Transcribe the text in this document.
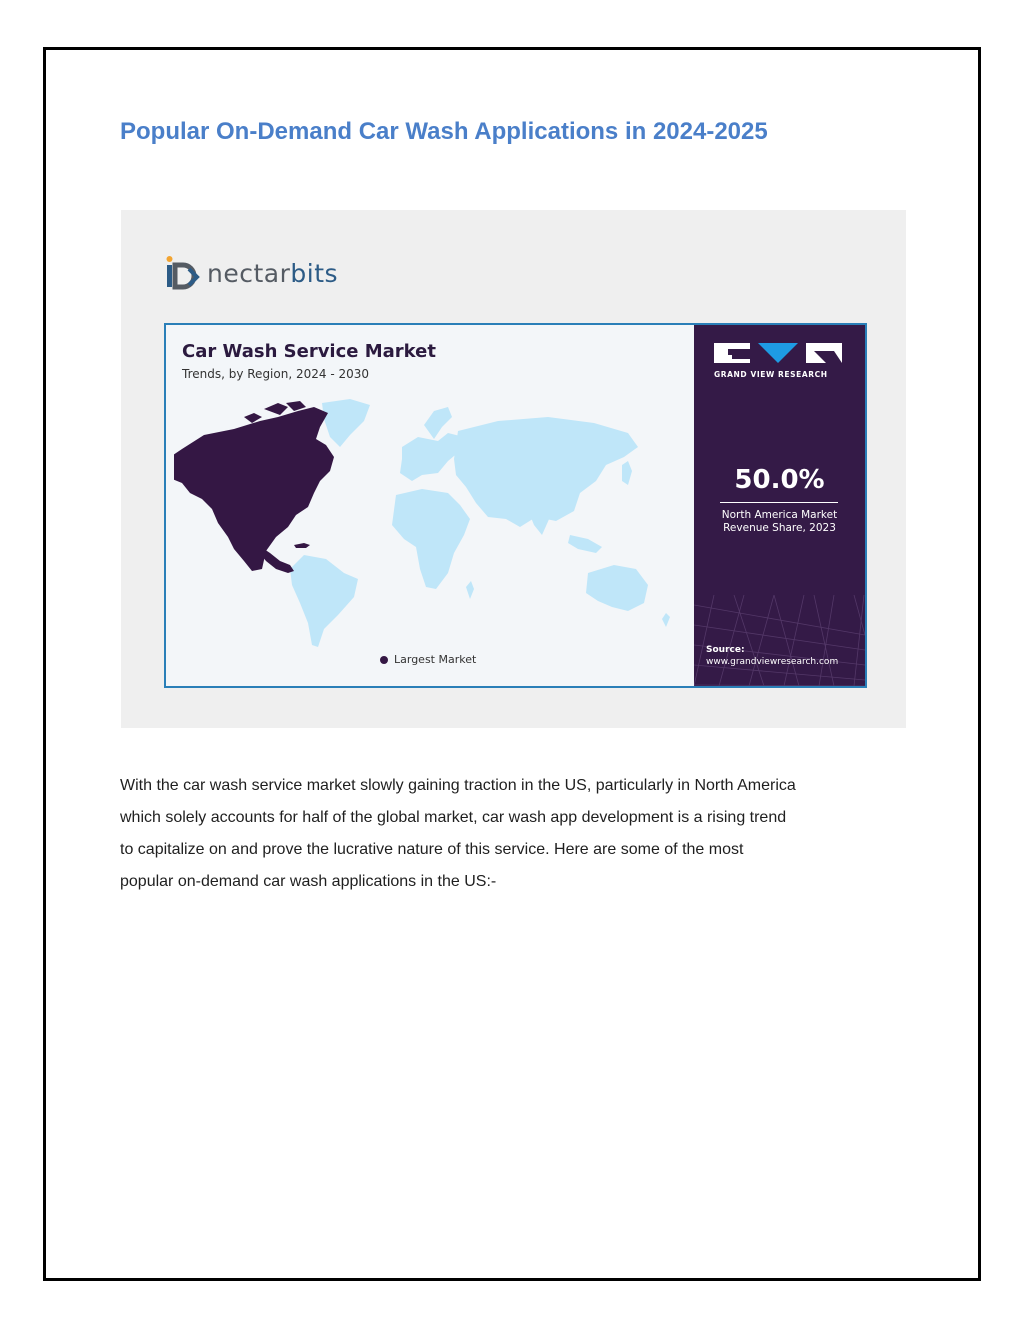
Popular On-Demand Car Wash Applications in 2024-2025
nectarbits
Car Wash Service Market
Trends, by Region, 2024 - 2030
Largest Market
GRAND VIEW RESEARCH
50.0%
North America Market
Revenue Share, 2023
Source:
www.grandviewresearch.com
With the car wash service market slowly gaining traction in the US, particularly in North America
which solely accounts for half of the global market, car wash app development is a rising trend
to capitalize on and prove the lucrative nature of this service. Here are some of the most
popular on-demand car wash applications in the US:-
